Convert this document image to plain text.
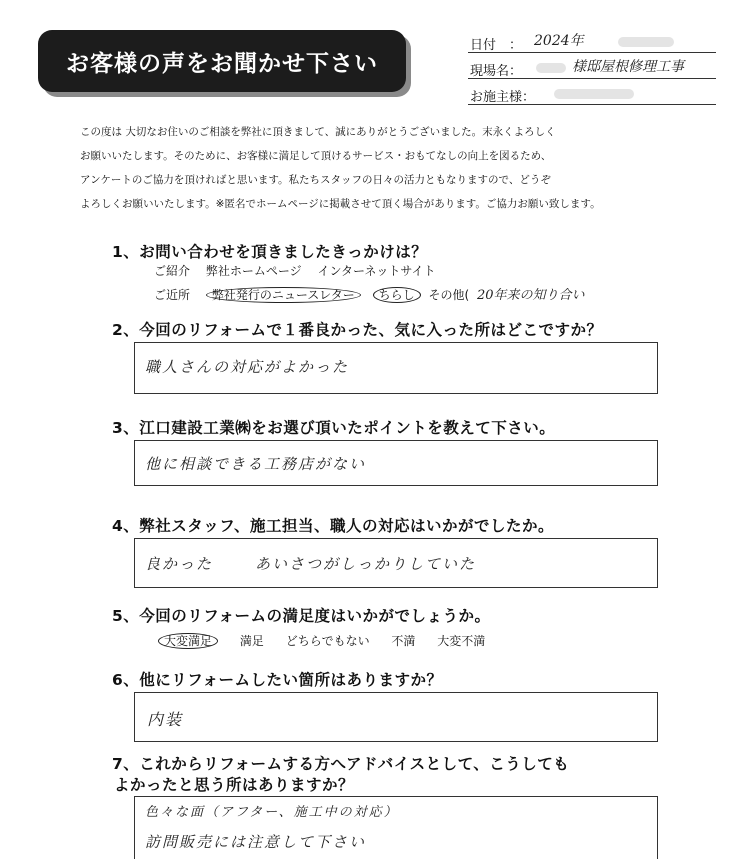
お客様の声をお聞かせ下さい
日付　： 2024年
現場名：	様邸屋根修理工事
お施主様：
この度は 大切なお住いのご相談を弊社に頂きまして、誠にありがとうございました。末永くよろしく
お願いいたします。そのために、お客様に満足して頂けるサービス・おもてなしの向上を図るため、
アンケートのご協力を頂ければと思います。私たちスタッフの日々の活力ともなりますので、どうぞ
よろしくお願いいたします。※匿名でホームページに掲載させて頂く場合があります。ご協力お願い致します。
1、お問い合わせを頂きましたきっかけは？
ご紹介 弊社ホームページ インターネットサイト
ご近所 弊社発行のニュースレター ちらし その他( 20年来の知り合い
2、今回のリフォームで１番良かった、気に入った所はどこですか？
職人さんの対応がよかった
3、江口建設工業㈱をお選び頂いたポイントを教えて下さい。
他に相談できる工務店がない
4、弊社スタッフ、施工担当、職人の対応はいかがでしたか。
良かった	あいさつがしっかりしていた
5、今回のリフォームの満足度はいかがでしょうか。
大変満足 満足 どちらでもない 不満 大変不満
6、他にリフォームしたい箇所はありますか？
内装
7、これからリフォームする方へアドバイスとして、こうしても
よかったと思う所はありますか？
色々な面（アフター、施工中の対応）
訪問販売には注意して下さい
